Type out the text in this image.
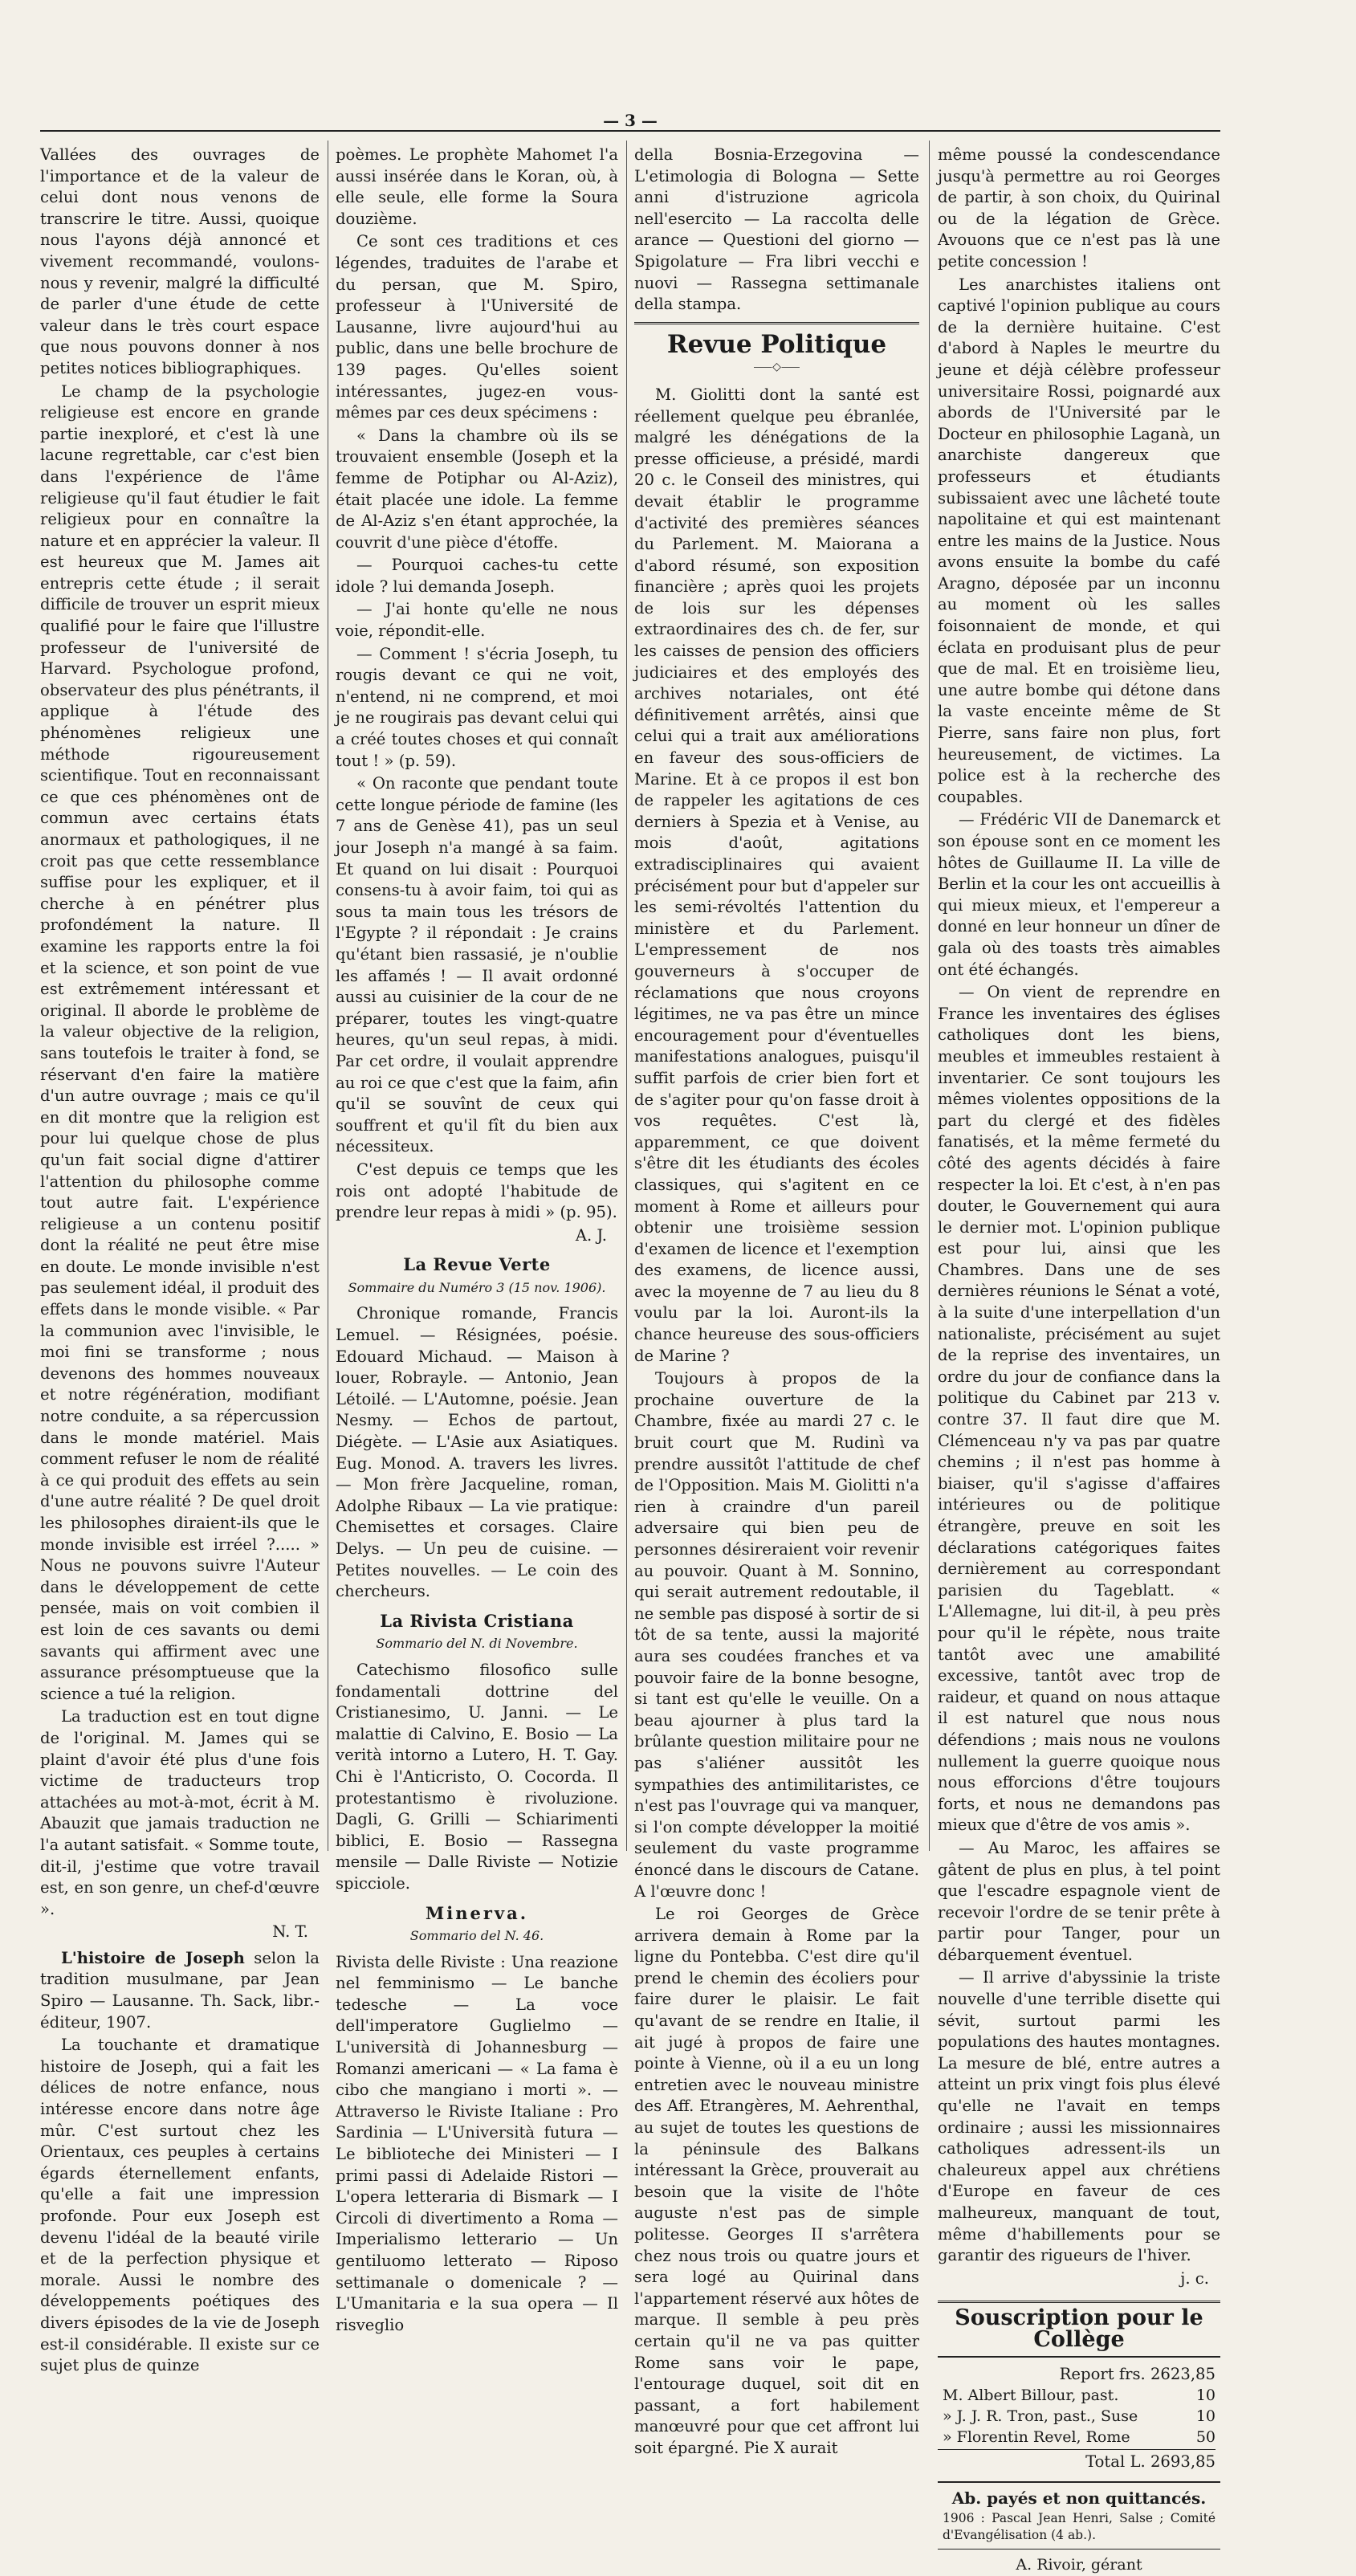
— 3 —

Vallées des ouvrages de l'importance et de la valeur de celui dont nous venons de transcrire le titre. Aussi, quoique nous l'ayons déjà annoncé et vivement recommandé, voulons-nous y revenir, malgré la difficulté de parler d'une étude de cette valeur dans le très court espace que nous pouvons donner à nos petites notices bibliographiques.

Le champ de la psychologie religieuse est encore en grande partie inexploré, et c'est là une lacune regrettable, car c'est bien dans l'expérience de l'âme religieuse qu'il faut étudier le fait religieux pour en connaître la nature et en apprécier la valeur. Il est heureux que M. James ait entrepris cette étude ; il serait difficile de trouver un esprit mieux qualifié pour le faire que l'illustre professeur de l'université de Harvard. Psychologue profond, observateur des plus pénétrants, il applique à l'étude des phénomènes religieux une méthode rigoureusement scientifique. Tout en reconnaissant ce que ces phénomènes ont de commun avec certains états anormaux et pathologiques, il ne croit pas que cette ressemblance suffise pour les expliquer, et il cherche à en pénétrer plus profondément la nature. Il examine les rapports entre la foi et la science, et son point de vue est extrêmement intéressant et original. Il aborde le problème de la valeur objective de la religion, sans toutefois le traiter à fond, se réservant d'en faire la matière d'un autre ouvrage ; mais ce qu'il en dit montre que la religion est pour lui quelque chose de plus qu'un fait social digne d'attirer l'attention du philosophe comme tout autre fait. L'expérience religieuse a un contenu positif dont la réalité ne peut être mise en doute. Le monde invisible n'est pas seulement idéal, il produit des effets dans le monde visible. « Par la communion avec l'invisible, le moi fini se transforme ; nous devenons des hommes nouveaux et notre régénération, modifiant notre conduite, a sa répercussion dans le monde matériel. Mais comment refuser le nom de réalité à ce qui produit des effets au sein d'une autre réalité ? De quel droit les philosophes diraient-ils que le monde invisible est irréel ?..... » Nous ne pouvons suivre l'Auteur dans le développement de cette pensée, mais on voit combien il est loin de ces savants ou demi savants qui affirment avec une assurance présomptueuse que la science a tué la religion.

La traduction est en tout digne de l'original. M. James qui se plaint d'avoir été plus d'une fois victime de traducteurs trop attachées au mot-à-mot, écrit à M. Abauzit que jamais traduction ne l'a autant satisfait. « Somme toute, dit-il, j'estime que votre travail est, en son genre, un chef-d'œuvre ».

N. T.

L'histoire de Joseph selon la tradition musulmane, par Jean Spiro — Lausanne. Th. Sack, libr.-éditeur, 1907.

La touchante et dramatique histoire de Joseph, qui a fait les délices de notre enfance, nous intéresse encore dans notre âge mûr. C'est surtout chez les Orientaux, ces peuples à certains égards éternellement enfants, qu'elle a fait une impression profonde. Pour eux Joseph est devenu l'idéal de la beauté virile et de la perfection physique et morale. Aussi le nombre des développements poétiques des divers épisodes de la vie de Joseph est-il considérable. Il existe sur ce sujet plus de quinze

poèmes. Le prophète Mahomet l'a aussi insérée dans le Koran, où, à elle seule, elle forme la Soura douzième.

Ce sont ces traditions et ces légendes, traduites de l'arabe et du persan, que M. Spiro, professeur à l'Université de Lausanne, livre aujourd'hui au public, dans une belle brochure de 139 pages. Qu'elles soient intéressantes, jugez-en vous-mêmes par ces deux spécimens :

« Dans la chambre où ils se trouvaient ensemble (Joseph et la femme de Potiphar ou Al-Aziz), était placée une idole. La femme de Al-Aziz s'en étant approchée, la couvrit d'une pièce d'étoffe.

— Pourquoi caches-tu cette idole ? lui demanda Joseph.

— J'ai honte qu'elle ne nous voie, répondit-elle.

— Comment ! s'écria Joseph, tu rougis devant ce qui ne voit, n'entend, ni ne comprend, et moi je ne rougirais pas devant celui qui a créé toutes choses et qui connaît tout ! » (p. 59).

« On raconte que pendant toute cette longue période de famine (les 7 ans de Genèse 41), pas un seul jour Joseph n'a mangé à sa faim. Et quand on lui disait : Pourquoi consens-tu à avoir faim, toi qui as sous ta main tous les trésors de l'Egypte ? il répondait : Je crains qu'étant bien rassasié, je n'oublie les affamés ! — Il avait ordonné aussi au cuisinier de la cour de ne préparer, toutes les vingt-quatre heures, qu'un seul repas, à midi. Par cet ordre, il voulait apprendre au roi ce que c'est que la faim, afin qu'il se souvînt de ceux qui souffrent et qu'il fît du bien aux nécessiteux.

C'est depuis ce temps que les rois ont adopté l'habitude de prendre leur repas à midi » (p. 95).

A. J.
La Revue Verte
Sommaire du Numéro 3 (15 nov. 1906).

Chronique romande, Francis Lemuel. — Résignées, poésie. Edouard Michaud. — Maison à louer, Robrayle. — Antonio, Jean Létoilé. — L'Automne, poésie. Jean Nesmy. — Echos de partout, Diégète. — L'Asie aux Asiatiques. Eug. Monod. A. travers les livres. — Mon frère Jacqueline, roman, Adolphe Ribaux — La vie pratique: Chemisettes et corsages. Claire Delys. — Un peu de cuisine. — Petites nouvelles. — Le coin des chercheurs.

La Rivista Cristiana
Sommario del N. di Novembre.

Catechismo filosofico sulle fondamentali dottrine del Cristianesimo, U. Janni. — Le malattie di Calvino, E. Bosio — La verità intorno a Lutero, H. T. Gay. Chi è l'Anticristo, O. Cocorda. Il protestantismo è rivoluzione. Dagli, G. Grilli — Schiarimenti biblici, E. Bosio — Rassegna mensile — Dalle Riviste — Notizie spicciole.

Minerva.
Sommario del N. 46.

Rivista delle Riviste : Una reazione nel femminismo — Le banche tedesche — La voce dell'imperatore Guglielmo — L'università di Johannesburg — Romanzi americani — « La fama è cibo che mangiano i morti ». — Attraverso le Riviste Italiane : Pro Sardinia — L'Università futura — Le biblioteche dei Ministeri — I primi passi di Adelaide Ristori — L'opera letteraria di Bismark — I Circoli di divertimento a Roma — Imperialismo letterario — Un gentiluomo letterato — Riposo settimanale o domenicale ? — L'Umanitaria e la sua opera — Il risveglio

della Bosnia-Erzegovina — L'etimologia di Bologna — Sette anni d'istruzione agricola nell'esercito — La raccolta delle arance — Questioni del giorno — Spigolature — Fra libri vecchi e nuovi — Rassegna settimanale della stampa.

Revue Politique
⸺◇⸺

M. Giolitti dont la santé est réellement quelque peu ébranlée, malgré les dénégations de la presse officieuse, a présidé, mardi 20 c. le Conseil des ministres, qui devait établir le programme d'activité des premières séances du Parlement. M. Maiorana a d'abord résumé, son exposition financière ; après quoi les projets de lois sur les dépenses extraordinaires des ch. de fer, sur les caisses de pension des officiers judiciaires et des employés des archives notariales, ont été définitivement arrêtés, ainsi que celui qui a trait aux améliorations en faveur des sous-officiers de Marine. Et à ce propos il est bon de rappeler les agitations de ces derniers à Spezia et à Venise, au mois d'août, agitations extradisciplinaires qui avaient précisément pour but d'appeler sur les semi-révoltés l'attention du ministère et du Parlement. L'empressement de nos gouverneurs à s'occuper de réclamations que nous croyons légitimes, ne va pas être un mince encouragement pour d'éventuelles manifestations analogues, puisqu'il suffit parfois de crier bien fort et de s'agiter pour qu'on fasse droit à vos requêtes. C'est là, apparemment, ce que doivent s'être dit les étudiants des écoles classiques, qui s'agitent en ce moment à Rome et ailleurs pour obtenir une troisième session d'examen de licence et l'exemption des examens, de licence aussi, avec la moyenne de 7 au lieu du 8 voulu par la loi. Auront-ils la chance heureuse des sous-officiers de Marine ?

Toujours à propos de la prochaine ouverture de la Chambre, fixée au mardi 27 c. le bruit court que M. Rudinì va prendre aussitôt l'attitude de chef de l'Opposition. Mais M. Giolitti n'a rien à craindre d'un pareil adversaire qui bien peu de personnes désireraient voir revenir au pouvoir. Quant à M. Sonnino, qui serait autrement redoutable, il ne semble pas disposé à sortir de si tôt de sa tente, aussi la majorité aura ses coudées franches et va pouvoir faire de la bonne besogne, si tant est qu'elle le veuille. On a beau ajourner à plus tard la brûlante question militaire pour ne pas s'aliéner aussitôt les sympathies des antimilitaristes, ce n'est pas l'ouvrage qui va manquer, si l'on compte développer la moitié seulement du vaste programme énoncé dans le discours de Catane. A l'œuvre donc !

Le roi Georges de Grèce arrivera demain à Rome par la ligne du Pontebba. C'est dire qu'il prend le chemin des écoliers pour faire durer le plaisir. Le fait qu'avant de se rendre en Italie, il ait jugé à propos de faire une pointe à Vienne, où il a eu un long entretien avec le nouveau ministre des Aff. Etrangères, M. Aehrenthal, au sujet de toutes les questions de la péninsule des Balkans intéressant la Grèce, prouverait au besoin que la visite de l'hôte auguste n'est pas de simple politesse. Georges II s'arrêtera chez nous trois ou quatre jours et sera logé au Quirinal dans l'appartement réservé aux hôtes de marque. Il semble à peu près certain qu'il ne va pas quitter Rome sans voir le pape, l'entourage duquel, soit dit en passant, a fort habilement manœuvré pour que cet affront lui soit épargné. Pie X aurait

même poussé la condescendance jusqu'à permettre au roi Georges de partir, à son choix, du Quirinal ou de la légation de Grèce. Avouons que ce n'est pas là une petite concession !

Les anarchistes italiens ont captivé l'opinion publique au cours de la dernière huitaine. C'est d'abord à Naples le meurtre du jeune et déjà célèbre professeur universitaire Rossi, poignardé aux abords de l'Université par le Docteur en philosophie Laganà, un anarchiste dangereux que professeurs et étudiants subissaient avec une lâcheté toute napolitaine et qui est maintenant entre les mains de la Justice. Nous avons ensuite la bombe du café Aragno, déposée par un inconnu au moment où les salles foisonnaient de monde, et qui éclata en produisant plus de peur que de mal. Et en troisième lieu, une autre bombe qui détone dans la vaste enceinte même de St Pierre, sans faire non plus, fort heureusement, de victimes. La police est à la recherche des coupables.

— Frédéric VII de Danemarck et son épouse sont en ce moment les hôtes de Guillaume II. La ville de Berlin et la cour les ont accueillis à qui mieux mieux, et l'empereur a donné en leur honneur un dîner de gala où des toasts très aimables ont été échangés.

— On vient de reprendre en France les inventaires des églises catholiques dont les biens, meubles et immeubles restaient à inventarier. Ce sont toujours les mêmes violentes oppositions de la part du clergé et des fidèles fanatisés, et la même fermeté du côté des agents décidés à faire respecter la loi. Et c'est, à n'en pas douter, le Gouvernement qui aura le dernier mot. L'opinion publique est pour lui, ainsi que les Chambres. Dans une de ses dernières réunions le Sénat a voté, à la suite d'une interpellation d'un nationaliste, précisément au sujet de la reprise des inventaires, un ordre du jour de confiance dans la politique du Cabinet par 213 v. contre 37. Il faut dire que M. Clémenceau n'y va pas par quatre chemins ; il n'est pas homme à biaiser, qu'il s'agisse d'affaires intérieures ou de politique étrangère, preuve en soit les déclarations catégoriques faites dernièrement au correspondant parisien du Tageblatt. « L'Allemagne, lui dit-il, à peu près pour qu'il le répète, nous traite tantôt avec une amabilité excessive, tantôt avec trop de raideur, et quand on nous attaque il est naturel que nous nous défendions ; mais nous ne voulons nullement la guerre quoique nous nous efforcions d'être toujours forts, et nous ne demandons pas mieux que d'être de vos amis ».

— Au Maroc, les affaires se gâtent de plus en plus, à tel point que l'escadre espagnole vient de recevoir l'ordre de se tenir prête à partir pour Tanger, pour un débarquement éventuel.

— Il arrive d'abyssinie la triste nouvelle d'une terrible disette qui sévit, surtout parmi les populations des hautes montagnes. La mesure de blé, entre autres a atteint un prix vingt fois plus élevé qu'elle ne l'avait en temps ordinaire ; aussi les missionnaires catholiques adressent-ils un chaleureux appel aux chrétiens d'Europe en faveur de ces malheureux, manquant de tout, même d'habillements pour se garantir des rigueurs de l'hiver.

j. c.
Souscription pour le Collège
Report frs. 2623,85
M. Albert Billour, past.	10
» J. J. R. Tron, past., Suse	10
» Florentin Revel, Rome	50
Total L. 2693,85
Ab. payés et non quittancés.
1906 : Pascal Jean Henri, Salse ; Comité d'Evangélisation (4 ab.).
A. Rivoir, gérant
